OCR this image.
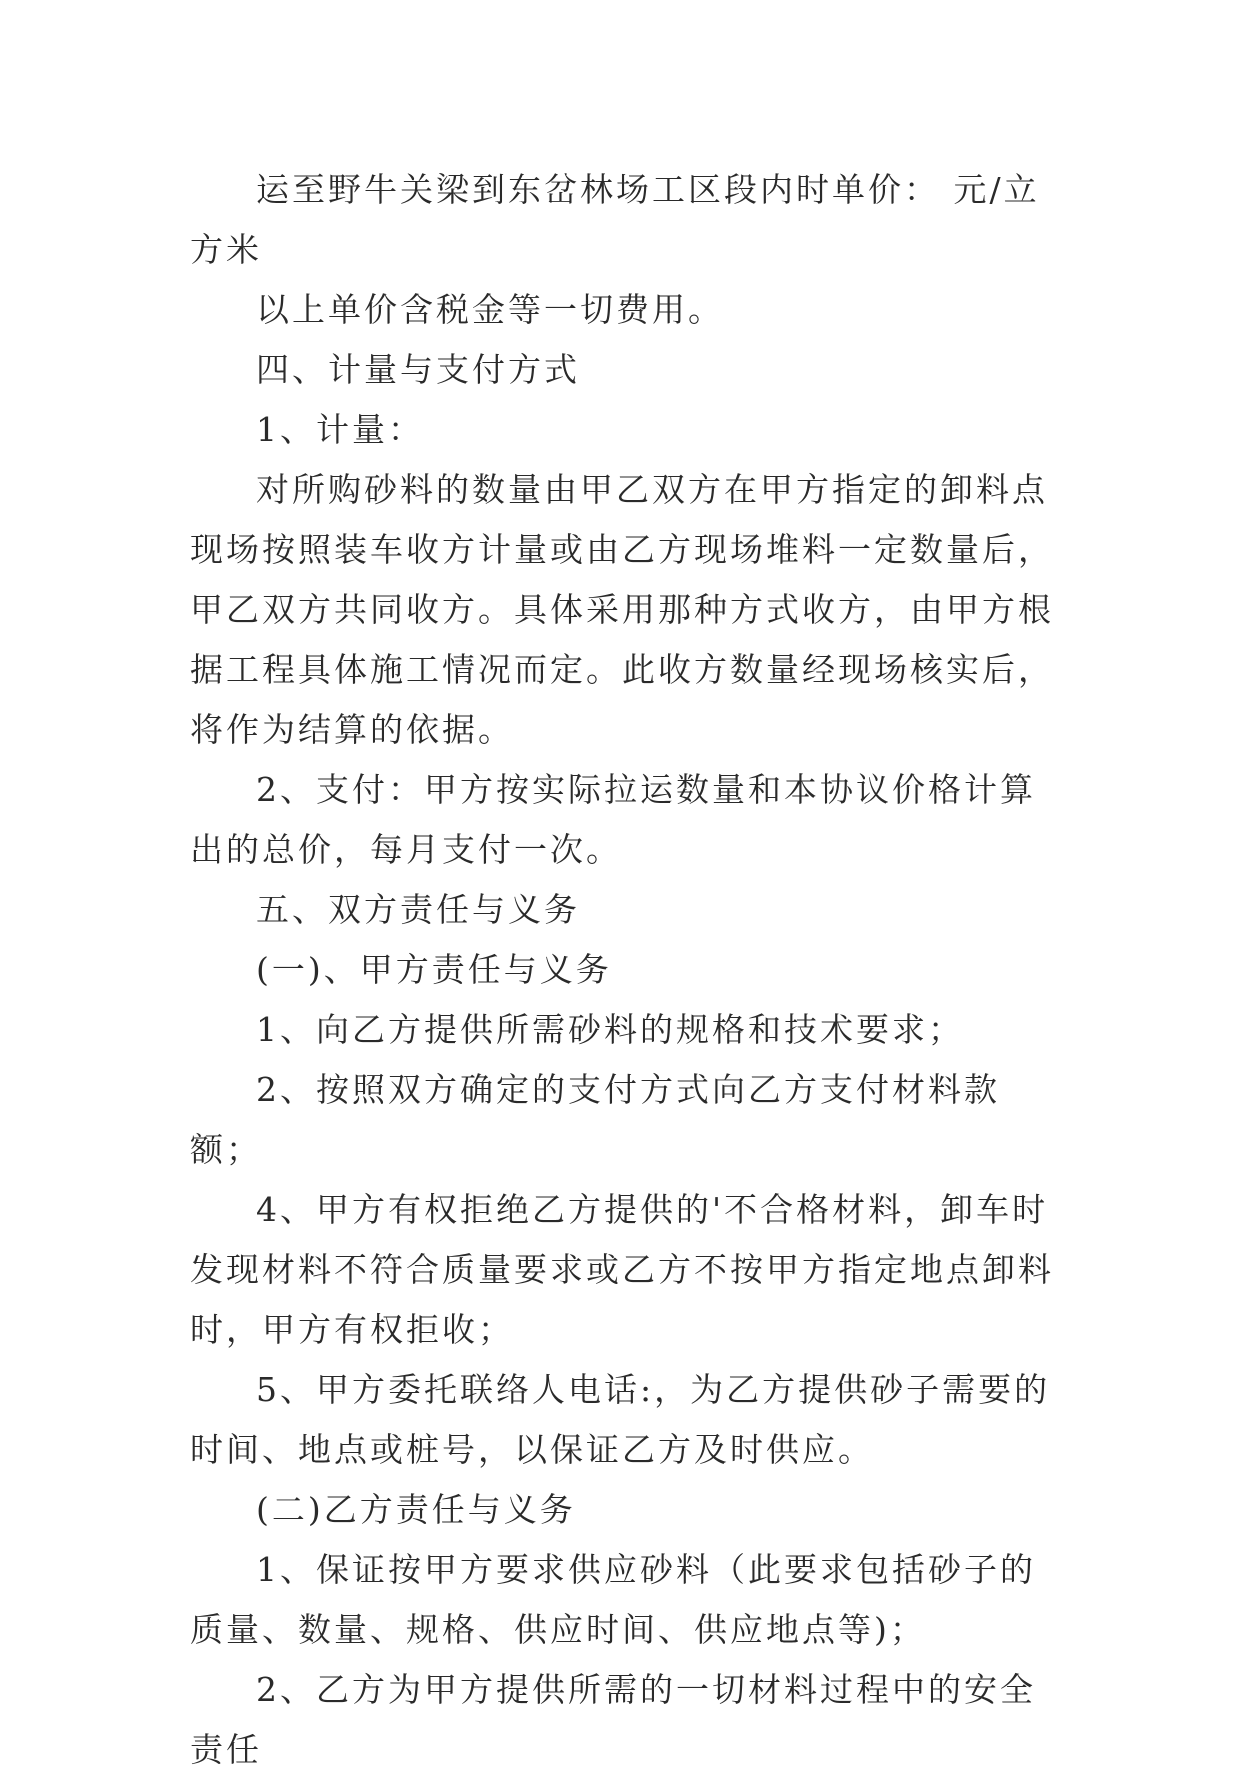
运至野牛关梁到东岔林场工区段内时单价： 元/立方米

以上单价含税金等一切费用。

四、计量与支付方式

1、计量：

对所购砂料的数量由甲乙双方在甲方指定的卸料点现场按照装车收方计量或由乙方现场堆料一定数量后，甲乙双方共同收方。具体采用那种方式收方，由甲方根据工程具体施工情况而定。此收方数量经现场核实后，将作为结算的依据。

2、支付：甲方按实际拉运数量和本协议价格计算出的总价，每月支付一次。

五、双方责任与义务

(一)、甲方责任与义务

1、向乙方提供所需砂料的规格和技术要求；

2、按照双方确定的支付方式向乙方支付材料款额；

4、甲方有权拒绝乙方提供的'不合格材料，卸车时发现材料不符合质量要求或乙方不按甲方指定地点卸料时，甲方有权拒收；

5、甲方委托联络人电话:，为乙方提供砂子需要的时间、地点或桩号，以保证乙方及时供应。

(二)乙方责任与义务

1、保证按甲方要求供应砂料（此要求包括砂子的质量、数量、规格、供应时间、供应地点等)；

2、乙方为甲方提供所需的一切材料过程中的安全责任
